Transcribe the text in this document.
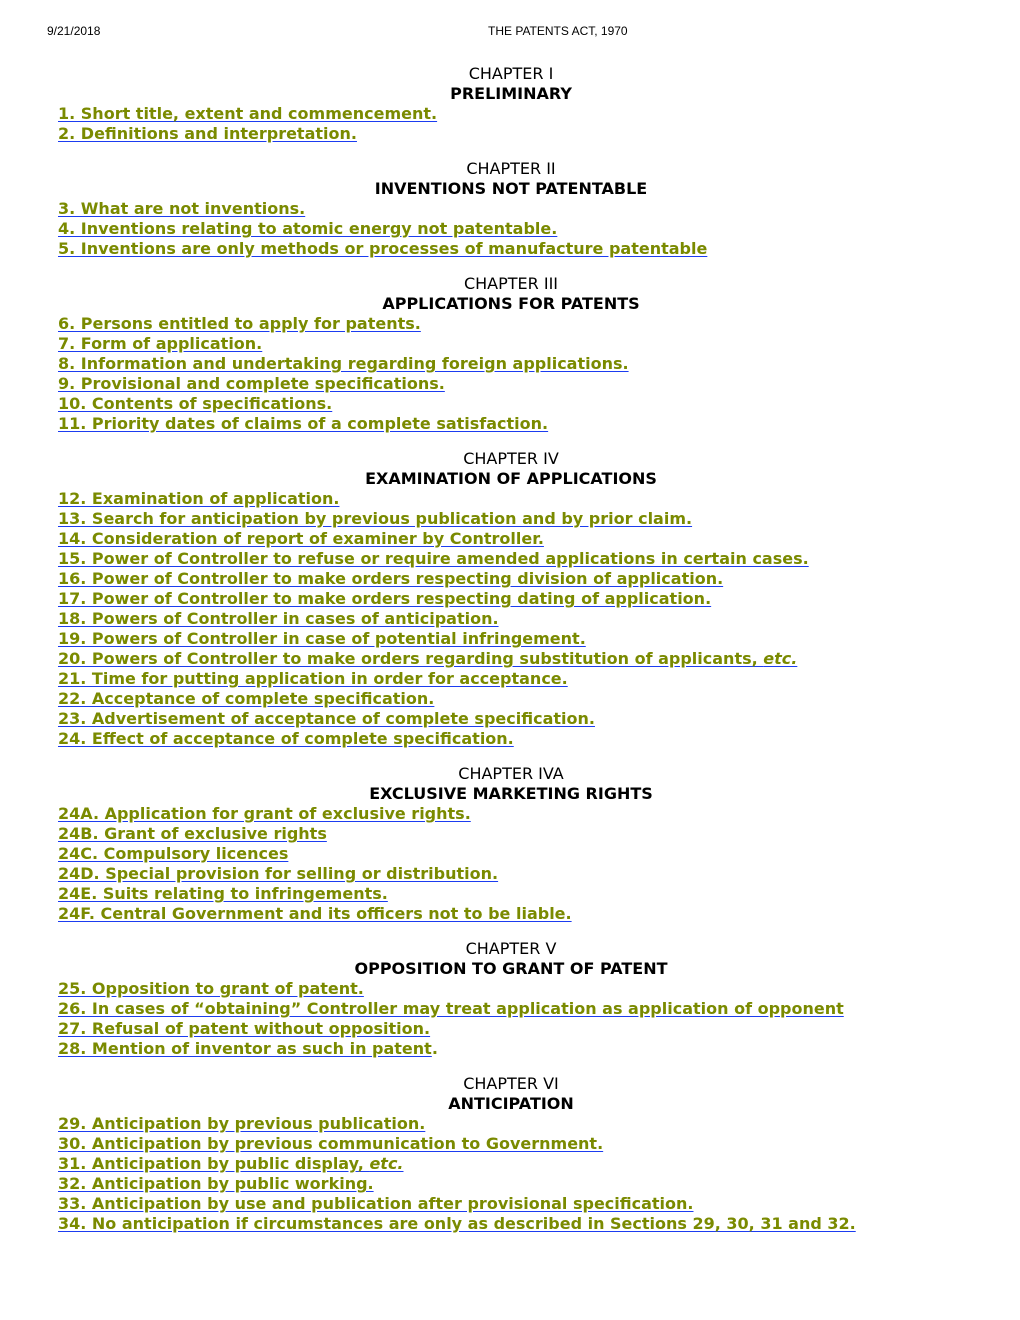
9/21/2018	THE PATENTS ACT, 1970
CHAPTER I
PRELIMINARY
1. Short title, extent and commencement.
2. Definitions and interpretation.
CHAPTER II
INVENTIONS NOT PATENTABLE
3. What are not inventions.
4. Inventions relating to atomic energy not patentable.
5. Inventions are only methods or processes of manufacture patentable
CHAPTER III
APPLICATIONS FOR PATENTS
6. Persons entitled to apply for patents.
7. Form of application.
8. Information and undertaking regarding foreign applications.
9. Provisional and complete specifications.
10. Contents of specifications.
11. Priority dates of claims of a complete satisfaction.
CHAPTER IV
EXAMINATION OF APPLICATIONS
12. Examination of application.
13. Search for anticipation by previous publication and by prior claim.
14. Consideration of report of examiner by Controller.
15. Power of Controller to refuse or require amended applications in certain cases.
16. Power of Controller to make orders respecting division of application.
17. Power of Controller to make orders respecting dating of application.
18. Powers of Controller in cases of anticipation.
19. Powers of Controller in case of potential infringement.
20. Powers of Controller to make orders regarding substitution of applicants, etc.
21. Time for putting application in order for acceptance.
22. Acceptance of complete specification.
23. Advertisement of acceptance of complete specification.
24. Effect of acceptance of complete specification.
CHAPTER IVA
EXCLUSIVE MARKETING RIGHTS
24A. Application for grant of exclusive rights.
24B. Grant of exclusive rights
24C. Compulsory licences
24D. Special provision for selling or distribution.
24E. Suits relating to infringements.
24F. Central Government and its officers not to be liable.
CHAPTER V
OPPOSITION TO GRANT OF PATENT
25. Opposition to grant of patent.
26. In cases of “obtaining” Controller may treat application as application of opponent
27. Refusal of patent without opposition.
28. Mention of inventor as such in patent.
CHAPTER VI
ANTICIPATION
29. Anticipation by previous publication.
30. Anticipation by previous communication to Government.
31. Anticipation by public display, etc.
32. Anticipation by public working.
33. Anticipation by use and publication after provisional specification.
34. No anticipation if circumstances are only as described in Sections 29, 30, 31 and 32.
